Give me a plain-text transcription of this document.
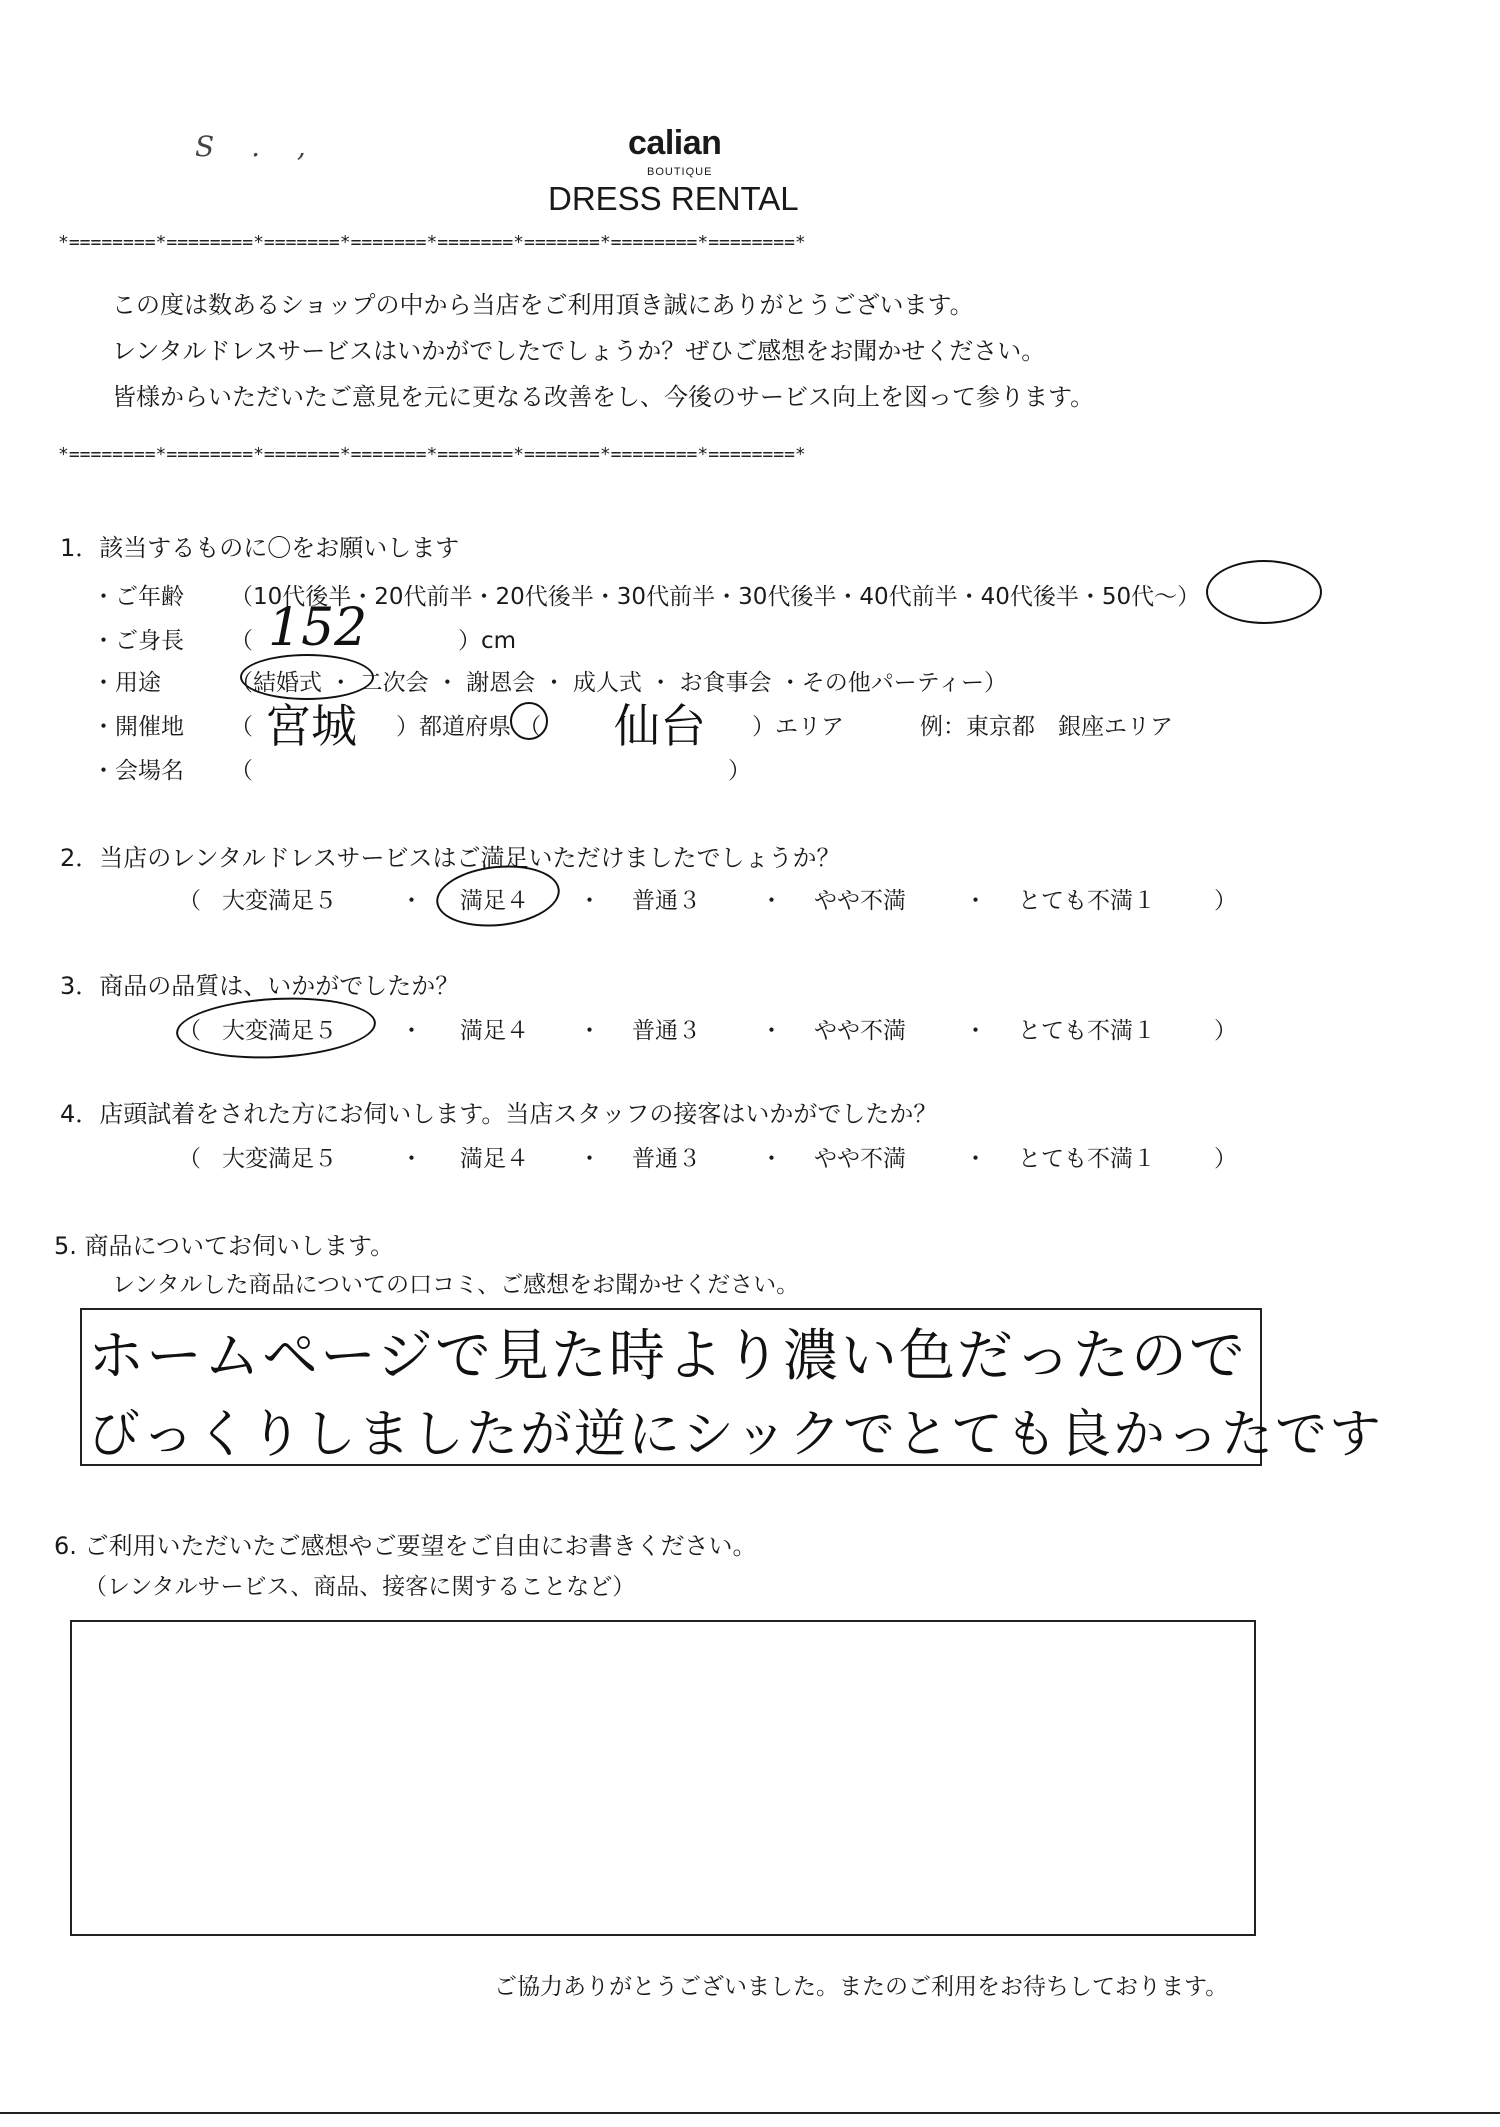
S . ,	calian
BOUTIQUE
DRESS RENTAL
*========*========*=======*=======*=======*=======*========*========*
この度は数あるショップの中から当店をご利用頂き誠にありがとうございます。
レンタルドレスサービスはいかがでしたでしょうか？ぜひご感想をお聞かせください。
皆様からいただいたご意見を元に更なる改善をし、今後のサービス向上を図って参ります。
*========*========*=======*=======*=======*=======*========*========*
1．該当するものに〇をお願いします
・ご年齢 （10代後半・20代前半・20代後半・30代前半・30代後半・40代前半・40代後半・50代～）
・ご身長 （ 152	）cm
・用途	（結婚式 ・ 二次会 ・ 謝恩会 ・ 成人式 ・ お食事会 ・その他パーティー）
・開催地 （ 宮城 ）都道府県 （ 仙台 ）エリア	例：東京都　銀座エリア
・会場名 （	）
2．当店のレンタルドレスサービスはご満足いただけましたでしょうか？
（ 大変満足５	・ 満足４ ・ 普通３	・ やや不満	・ とても不満１	）
3．商品の品質は、いかがでしたか？
（ 大変満足５	・ 満足４ ・ 普通３	・ やや不満	・ とても不満１	）
4．店頭試着をされた方にお伺いします。当店スタッフの接客はいかがでしたか？
（ 大変満足５	・ 満足４ ・ 普通３	・ やや不満	・ とても不満１	）
5. 商品についてお伺いします。
レンタルした商品についての口コミ、ご感想をお聞かせください。
ホームページで見た時より濃い色だったので
びっくりしましたが逆にシックでとても良かったです
6. ご利用いただいたご感想やご要望をご自由にお書きください。
（レンタルサービス、商品、接客に関することなど）
ご協力ありがとうございました。またのご利用をお待ちしております。
